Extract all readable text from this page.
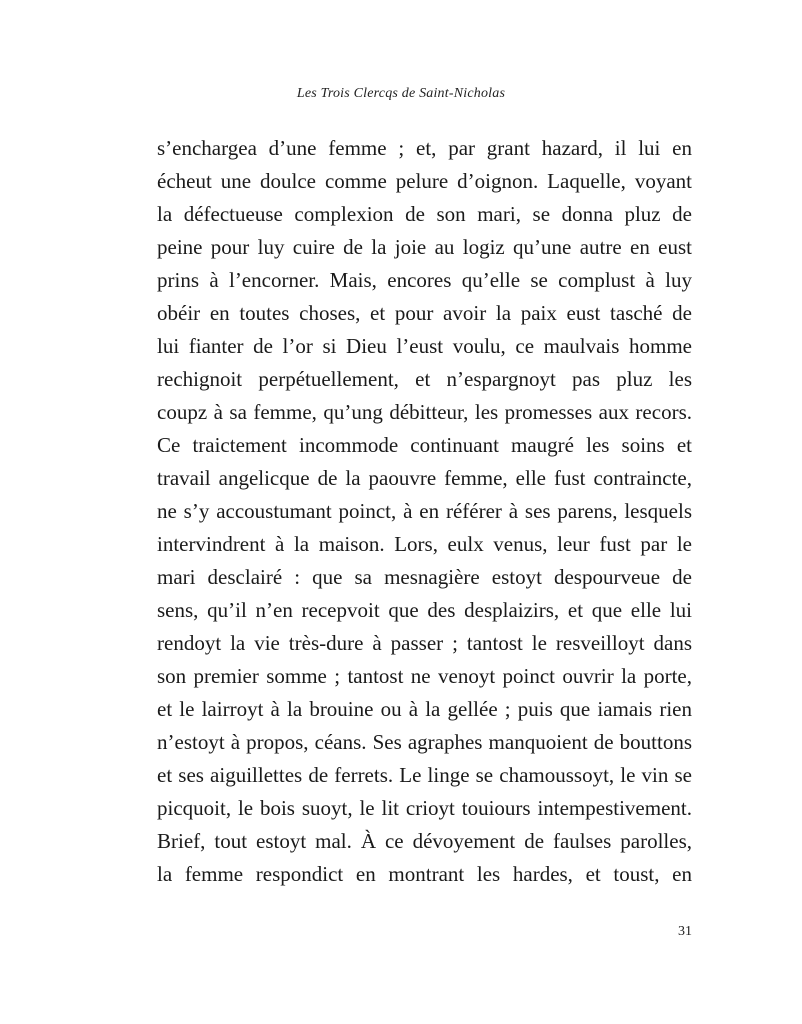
Les Trois Clercqs de Saint-Nicholas
s’enchargea d’une femme ; et, par grant hazard, il lui en
écheut une doulce comme pelure d’oignon. Laquelle, voyant
la défectueuse complexion de son mari, se donna pluz de
peine pour luy cuire de la joie au logiz qu’une autre en eust
prins à l’encorner. Mais, encores qu’elle se complust à luy
obéir en toutes choses, et pour avoir la paix eust tasché de
lui fianter de l’or si Dieu l’eust voulu, ce maulvais homme
rechignoit perpétuellement, et n’espargnoyt pas pluz les
coupz à sa femme, qu’ung débitteur, les promesses aux recors.
Ce traictement incommode continuant maugré les soins et
travail angelicque de la paouvre femme, elle fust contraincte,
ne s’y accoustumant poinct, à en référer à ses parens, lesquels
intervindrent à la maison. Lors, eulx venus, leur fust par le
mari desclairé : que sa mesnagière estoyt despourveue de
sens, qu’il n’en recepvoit que des desplaizirs, et que elle lui
rendoyt la vie très-dure à passer ; tantost le resveilloyt dans
son premier somme ; tantost ne venoyt poinct ouvrir la porte,
et le lairroyt à la brouine ou à la gellée ; puis que iamais rien
n’estoyt à propos, céans. Ses agraphes manquoient de bouttons
et ses aiguillettes de ferrets. Le linge se chamoussoyt, le vin se
picquoit, le bois suoyt, le lit crioyt touiours intempestivement.
Brief, tout estoyt mal. À ce dévoyement de faulses parolles,
la femme respondict en montrant les hardes, et toust, en
31
